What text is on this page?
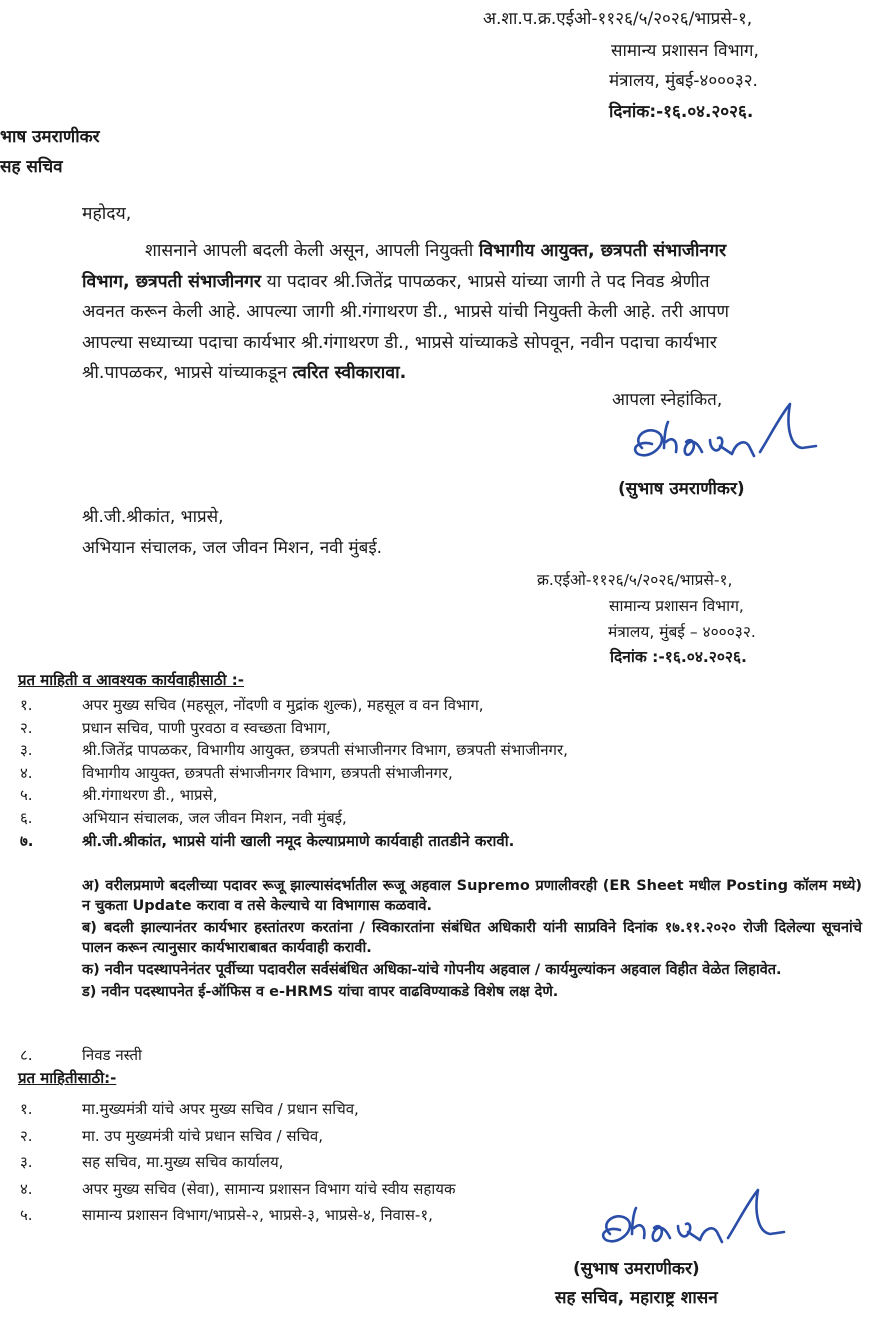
अ.शा.प.क्र.एईओ-११२६/५/२०२६/भाप्रसे-१,
सामान्य प्रशासन विभाग,
मंत्रालय, मुंबई-४०००३२.
दिनांक:-१६.०४.२०२६.
भाष उमराणीकर
सह सचिव
महोदय,
शासनाने आपली बदली केली असून, आपली नियुक्ती विभागीय आयुक्त, छत्रपती संभाजीनगर
विभाग, छत्रपती संभाजीनगर या पदावर श्री.जितेंद्र पापळकर, भाप्रसे यांच्या जागी ते पद निवड श्रेणीत
अवनत करून केली आहे. आपल्या जागी श्री.गंगाथरण डी., भाप्रसे यांची नियुक्ती केली आहे. तरी आपण
आपल्या सध्याच्या पदाचा कार्यभार श्री.गंगाथरण डी., भाप्रसे यांच्याकडे सोपवून, नवीन पदाचा कार्यभार
श्री.पापळकर, भाप्रसे यांच्याकडून त्वरित स्वीकारावा.
आपला स्नेहांकित,
(सुभाष उमराणीकर)
श्री.जी.श्रीकांत, भाप्रसे,
अभियान संचालक, जल जीवन मिशन, नवी मुंबई.
क्र.एईओ-११२६/५/२०२६/भाप्रसे-१,
सामान्य प्रशासन विभाग,
मंत्रालय, मुंबई – ४०००३२.
दिनांक :-१६.०४.२०२६.
प्रत माहिती व आवश्यक कार्यवाहीसाठी :-
१.	अपर मुख्य सचिव (महसूल, नोंदणी व मुद्रांक शुल्क), महसूल व वन विभाग,
२.	प्रधान सचिव, पाणी पुरवठा व स्वच्छता विभाग,
३.	श्री.जितेंद्र पापळकर, विभागीय आयुक्त, छत्रपती संभाजीनगर विभाग, छत्रपती संभाजीनगर,
४.	विभागीय आयुक्त, छत्रपती संभाजीनगर विभाग, छत्रपती संभाजीनगर,
५.	श्री.गंगाथरण डी., भाप्रसे,
६.	अभियान संचालक, जल जीवन मिशन, नवी मुंबई,
७.	श्री.जी.श्रीकांत, भाप्रसे यांनी खाली नमूद केल्याप्रमाणे कार्यवाही तातडीने करावी.
अ) वरीलप्रमाणे बदलीच्या पदावर रूजू झाल्यासंदर्भातील रूजू अहवाल Supremo प्रणालीवरही (ER Sheet मधील Posting कॉलम मध्ये) न चुकता Update करावा व तसे केल्याचे या विभागास कळवावे.
ब) बदली झाल्यानंतर कार्यभार हस्तांतरण करतांना / स्विकारतांना संबंधित अधिकारी यांनी साप्रविने दिनांक १७.११.२०२० रोजी दिलेल्या सूचनांचे पालन करून त्यानुसार कार्यभाराबाबत कार्यवाही करावी.
क) नवीन पदस्थापनेनंतर पूर्वीच्या पदावरील सर्वसंबंधित अधिका-यांचे गोपनीय अहवाल / कार्यमुल्यांकन अहवाल विहीत वेळेत लिहावेत.
ड) नवीन पदस्थापनेत ई-ऑफिस व e-HRMS यांचा वापर वाढविण्याकडे विशेष लक्ष देणे.
८.	निवड नस्ती
प्रत माहितीसाठी:-
१.	मा.मुख्यमंत्री यांचे अपर मुख्य सचिव / प्रधान सचिव,
२.	मा. उप मुख्यमंत्री यांचे प्रधान सचिव / सचिव,
३.	सह सचिव, मा.मुख्य सचिव कार्यालय,
४.	अपर मुख्य सचिव (सेवा), सामान्य प्रशासन विभाग यांचे स्वीय सहायक
५.	सामान्य प्रशासन विभाग/भाप्रसे-२, भाप्रसे-३, भाप्रसे-४, निवास-१,
(सुभाष उमराणीकर)
सह सचिव, महाराष्ट्र शासन
